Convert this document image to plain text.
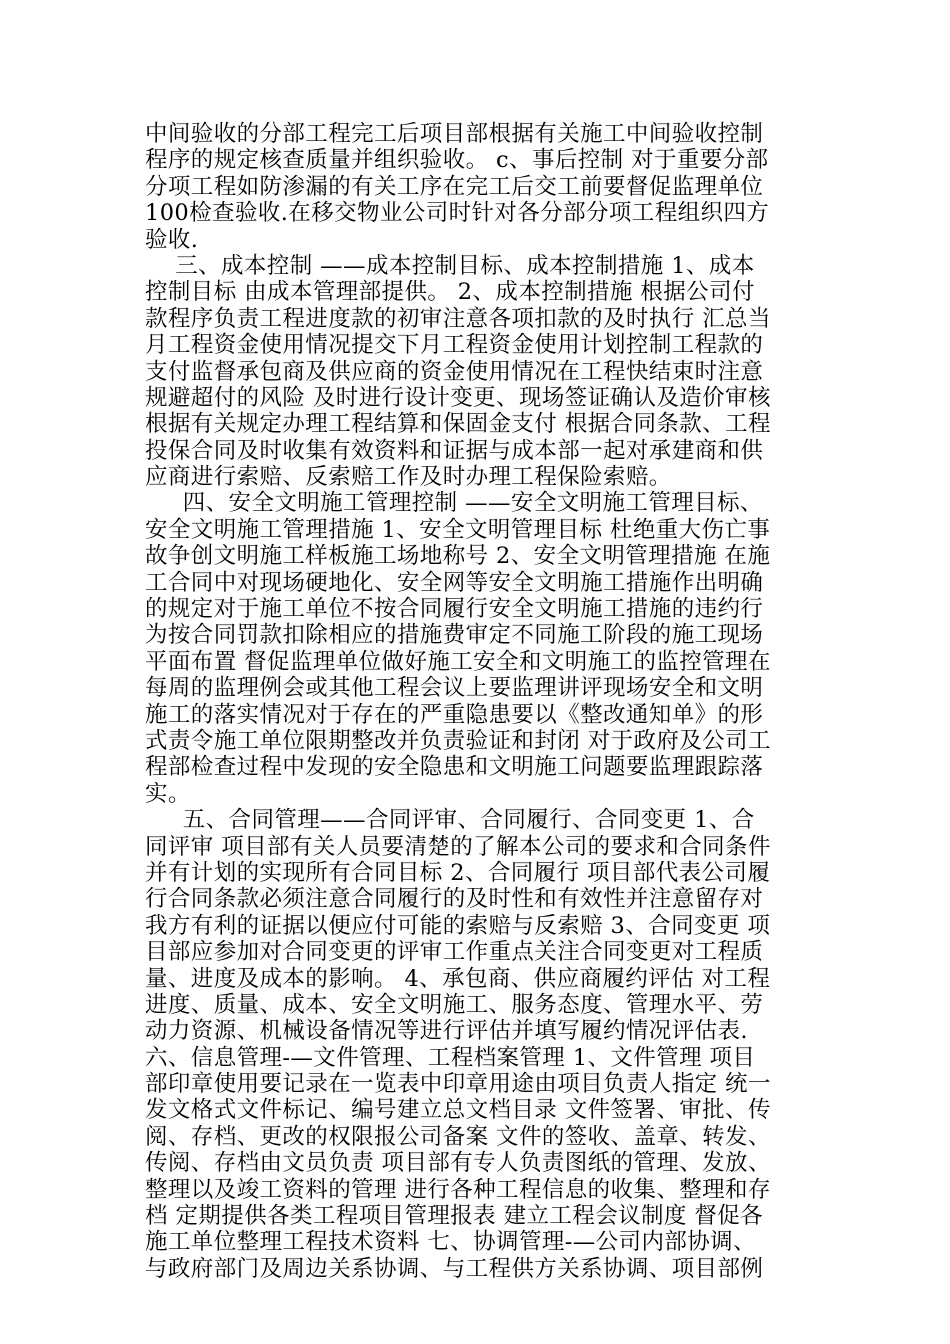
中间验收的分部工程完工后项目部根据有关施工中间验收控制
程序的规定核查质量并组织验收。 c、事后控制 对于重要分部
分项工程如防渗漏的有关工序在完工后交工前要督促监理单位
100检查验收.在移交物业公司时针对各分部分项工程组织四方
验收.
三、成本控制 ——成本控制目标、成本控制措施 1、成本
控制目标 由成本管理部提供。 2、成本控制措施 根据公司付
款程序负责工程进度款的初审注意各项扣款的及时执行 汇总当
月工程资金使用情况提交下月工程资金使用计划控制工程款的
支付监督承包商及供应商的资金使用情况在工程快结束时注意
规避超付的风险 及时进行设计变更、现场签证确认及造价审核
根据有关规定办理工程结算和保固金支付 根据合同条款、工程
投保合同及时收集有效资料和证据与成本部一起对承建商和供
应商进行索赔、反索赔工作及时办理工程保险索赔。
四、安全文明施工管理控制 ——安全文明施工管理目标、
安全文明施工管理措施 1、安全文明管理目标 杜绝重大伤亡事
故争创文明施工样板施工场地称号 2、安全文明管理措施 在施
工合同中对现场硬地化、安全网等安全文明施工措施作出明确
的规定对于施工单位不按合同履行安全文明施工措施的违约行
为按合同罚款扣除相应的措施费审定不同施工阶段的施工现场
平面布置 督促监理单位做好施工安全和文明施工的监控管理在
每周的监理例会或其他工程会议上要监理讲评现场安全和文明
施工的落实情况对于存在的严重隐患要以《整改通知单》的形
式责令施工单位限期整改并负责验证和封闭 对于政府及公司工
程部检查过程中发现的安全隐患和文明施工问题要监理跟踪落
实。
五、合同管理——合同评审、合同履行、合同变更 1、合
同评审 项目部有关人员要清楚的了解本公司的要求和合同条件
并有计划的实现所有合同目标 2、合同履行 项目部代表公司履
行合同条款必须注意合同履行的及时性和有效性并注意留存对
我方有利的证据以便应付可能的索赔与反索赔 3、合同变更 项
目部应参加对合同变更的评审工作重点关注合同变更对工程质
量、进度及成本的影响。 4、承包商、供应商履约评估 对工程
进度、质量、成本、安全文明施工、服务态度、管理水平、劳
动力资源、机械设备情况等进行评估并填写履约情况评估表.
六、信息管理-—文件管理、工程档案管理 1、文件管理 项目
部印章使用要记录在一览表中印章用途由项目负责人指定 统一
发文格式文件标记、编号建立总文档目录 文件签署、审批、传
阅、存档、更改的权限报公司备案 文件的签收、盖章、转发、
传阅、存档由文员负责 项目部有专人负责图纸的管理、发放、
整理以及竣工资料的管理 进行各种工程信息的收集、整理和存
档 定期提供各类工程项目管理报表 建立工程会议制度 督促各
施工单位整理工程技术资料 七、协调管理-—公司内部协调、
与政府部门及周边关系协调、与工程供方关系协调、项目部例
